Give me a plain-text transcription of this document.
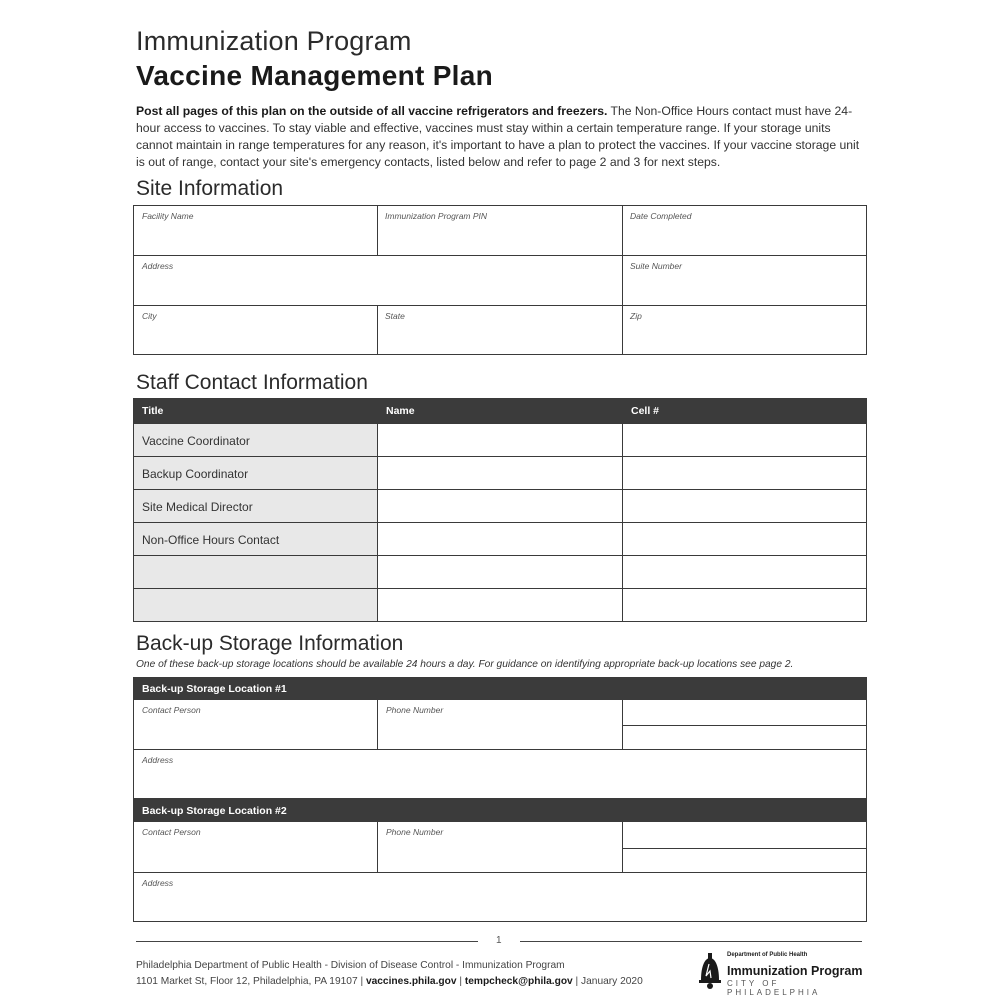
Immunization Program
Vaccine Management Plan

Post all pages of this plan on the outside of all vaccine refrigerators and freezers. The Non-Office Hours contact must have 24-hour access to vaccines. To stay viable and effective, vaccines must stay within a certain temperature range. If your storage units cannot maintain in range temperatures for any reason, it's important to have a plan to protect the vaccines. If your vaccine storage unit is out of range, contact your site's emergency contacts, listed below and refer to page 2 and 3 for next steps.

Site Information
Facility Name	Immunization Program PIN	Date Completed
Address	Suite Number
City	State	Zip
Staff Contact Information
Title	Name	Cell #
Vaccine Coordinator
Backup Coordinator
Site Medical Director
Non-Office Hours Contact
Back-up Storage Information
One of these back-up storage locations should be available 24 hours a day. For guidance on identifying appropriate back-up locations see page 2.
Back-up Storage Location #1
Contact Person	Phone Number
Address
Back-up Storage Location #2
Contact Person	Phone Number
Address
1
Philadelphia Department of Public Health - Division of Disease Control - Immunization Program
1101 Market St, Floor 12, Philadelphia, PA 19107 | vaccines.phila.gov | tempcheck@phila.gov | January 2020
Department of Public Health
Immunization Program
CITY OF PHILADELPHIA
